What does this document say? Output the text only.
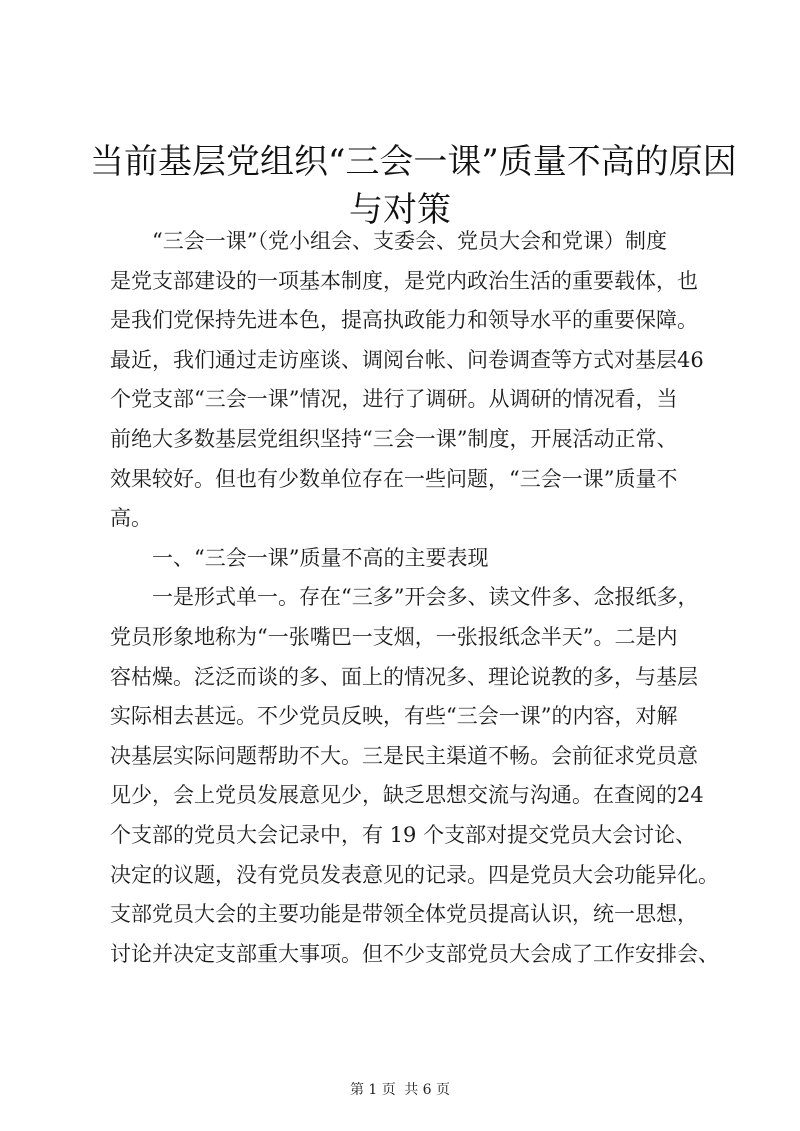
当前基层党组织“三会一课”质量不高的原因
与对策
　　“三会一课”（党小组会、支委会、党员大会和党课）制度
是党支部建设的一项基本制度，是党内政治生活的重要载体，也
是我们党保持先进本色，提高执政能力和领导水平的重要保障。
最近，我们通过走访座谈、调阅台帐、问卷调查等方式对基层46
个党支部“三会一课”情况，进行了调研。从调研的情况看，当
前绝大多数基层党组织坚持“三会一课”制度，开展活动正常、
效果较好。但也有少数单位存在一些问题，“三会一课”质量不
高。
　　一、“三会一课”质量不高的主要表现
　　一是形式单一。存在“三多”开会多、读文件多、念报纸多，
党员形象地称为“一张嘴巴一支烟，一张报纸念半天”。二是内
容枯燥。泛泛而谈的多、面上的情况多、理论说教的多，与基层
实际相去甚远。不少党员反映，有些“三会一课”的内容，对解
决基层实际问题帮助不大。三是民主渠道不畅。会前征求党员意
见少，会上党员发展意见少，缺乏思想交流与沟通。在查阅的24
个支部的党员大会记录中，有 19 个支部对提交党员大会讨论、
决定的议题，没有党员发表意见的记录。四是党员大会功能异化。
支部党员大会的主要功能是带领全体党员提高认识，统一思想，
讨论并决定支部重大事项。但不少支部党员大会成了工作安排会、
第 1 页 共 6 页
